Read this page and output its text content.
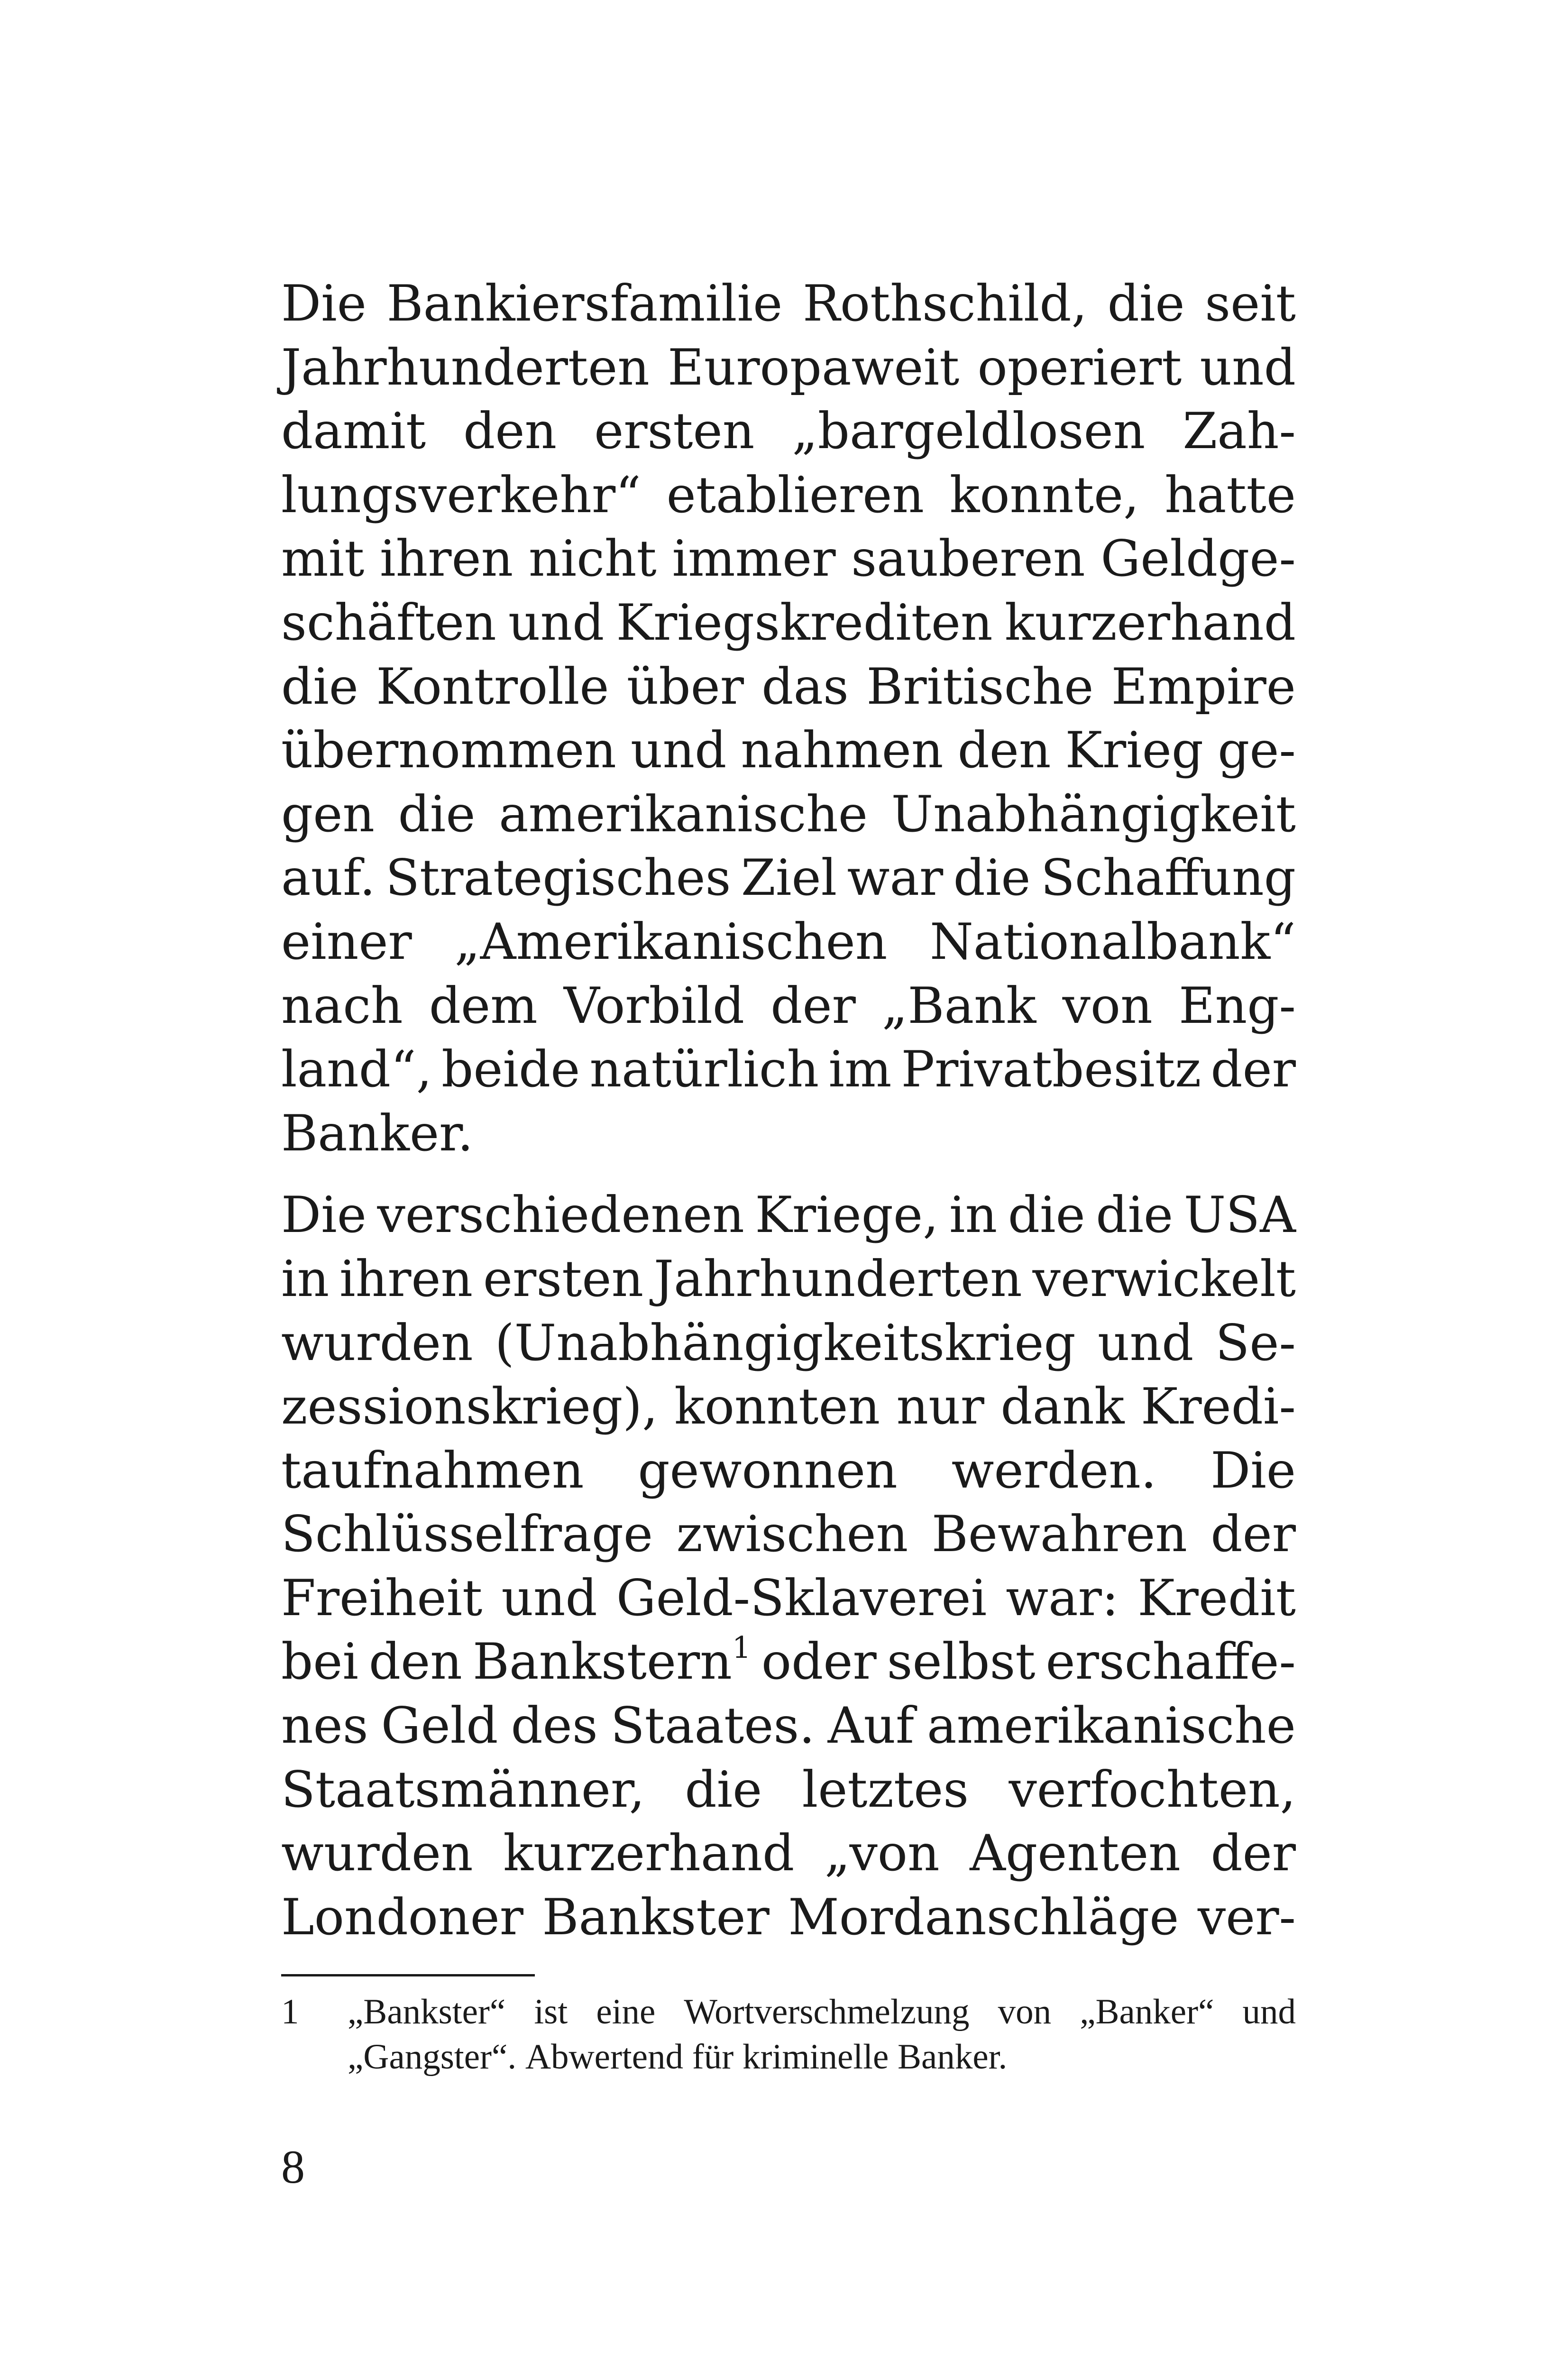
Die Bankiersfamilie Rothschild, die seit
Jahrhunderten Europaweit operiert und
damit den ersten „bargeldlosen Zah-
lungsverkehr“ etablieren konnte, hatte
mit ihren nicht immer sauberen Geldge-
schäften und Kriegskrediten kurzerhand
die Kontrolle über das Britische Empire
übernommen und nahmen den Krieg ge-
gen die amerikanische Unabhängigkeit
auf. Strategisches Ziel war die Schaffung
einer „Amerikanischen Nationalbank“
nach dem Vorbild der „Bank von Eng-
land“, beide natürlich im Privatbesitz der
Banker.
Die verschiedenen Kriege, in die die USA
in ihren ersten Jahrhunderten verwickelt
wurden (Unabhängigkeitskrieg und Se-
zessionskrieg), konnten nur dank Kredi-
taufnahmen gewonnen werden. Die
Schlüsselfrage zwischen Bewahren der
Freiheit und Geld-Sklaverei war: Kredit
bei den Bankstern$^1$ oder selbst erschaffe-
nes Geld des Staates. Auf amerikanische
Staatsmänner, die letztes verfochten,
wurden kurzerhand „von Agenten der
Londoner Bankster Mordanschläge ver-
1 „Bankster“ ist eine Wortverschmelzung von „Banker“ und
„Gangster“. Abwertend für kriminelle Banker.
8
